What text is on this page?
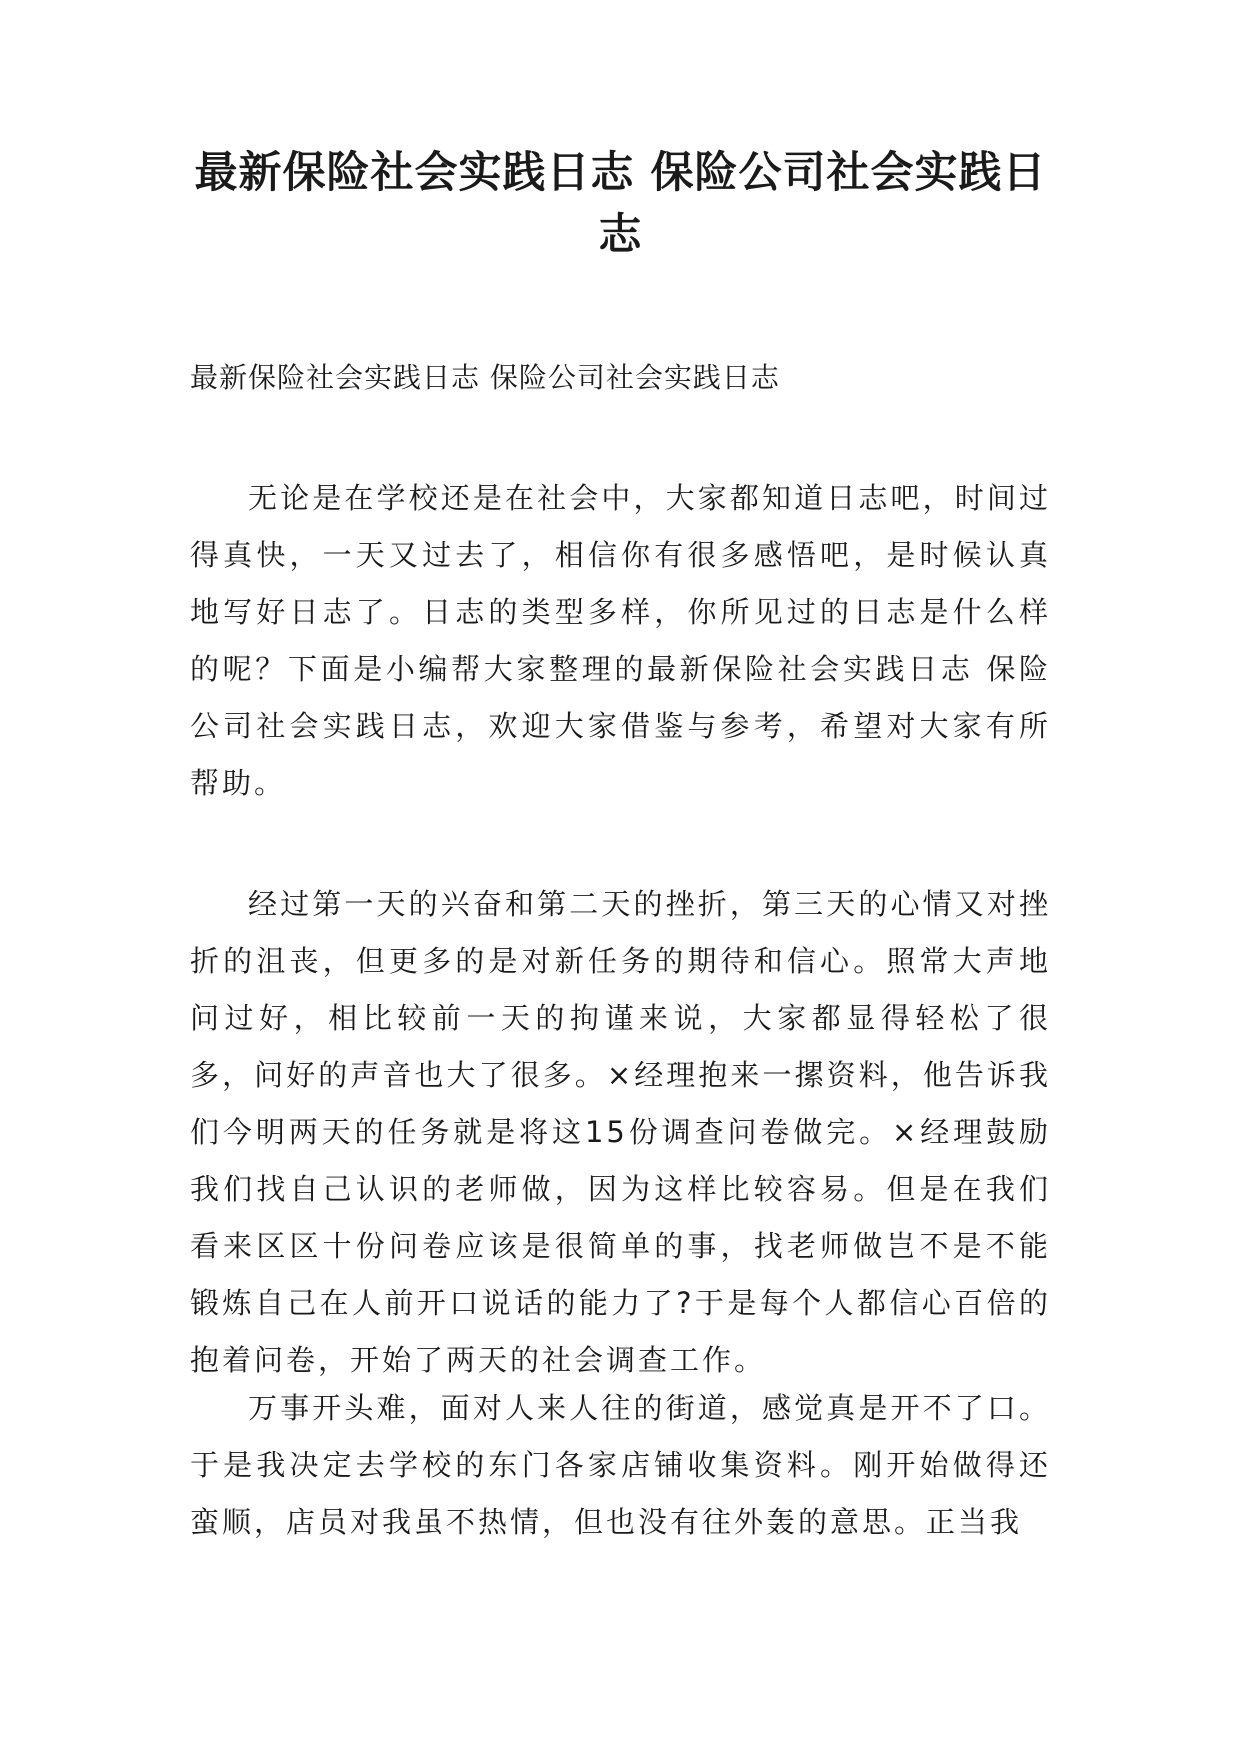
最新保险社会实践日志 保险公司社会实践日志

最新保险社会实践日志 保险公司社会实践日志

无论是在学校还是在社会中，大家都知道日志吧，时间过得真快，一天又过去了，相信你有很多感悟吧，是时候认真地写好日志了。日志的类型多样，你所见过的日志是什么样的呢？下面是小编帮大家整理的最新保险社会实践日志 保险公司社会实践日志，欢迎大家借鉴与参考，希望对大家有所帮助。

经过第一天的兴奋和第二天的挫折，第三天的心情又对挫折的沮丧，但更多的是对新任务的期待和信心。照常大声地问过好，相比较前一天的拘谨来说，大家都显得轻松了很多，问好的声音也大了很多。×经理抱来一摞资料，他告诉我们今明两天的任务就是将这15份调查问卷做完。×经理鼓励我们找自己认识的老师做，因为这样比较容易。但是在我们看来区区十份问卷应该是很简单的事，找老师做岂不是不能锻炼自己在人前开口说话的能力了?于是每个人都信心百倍的抱着问卷，开始了两天的社会调查工作。

万事开头难，面对人来人往的街道，感觉真是开不了口。于是我决定去学校的东门各家店铺收集资料。刚开始做得还蛮顺，店员对我虽不热情，但也没有往外轰的意思。正当我
